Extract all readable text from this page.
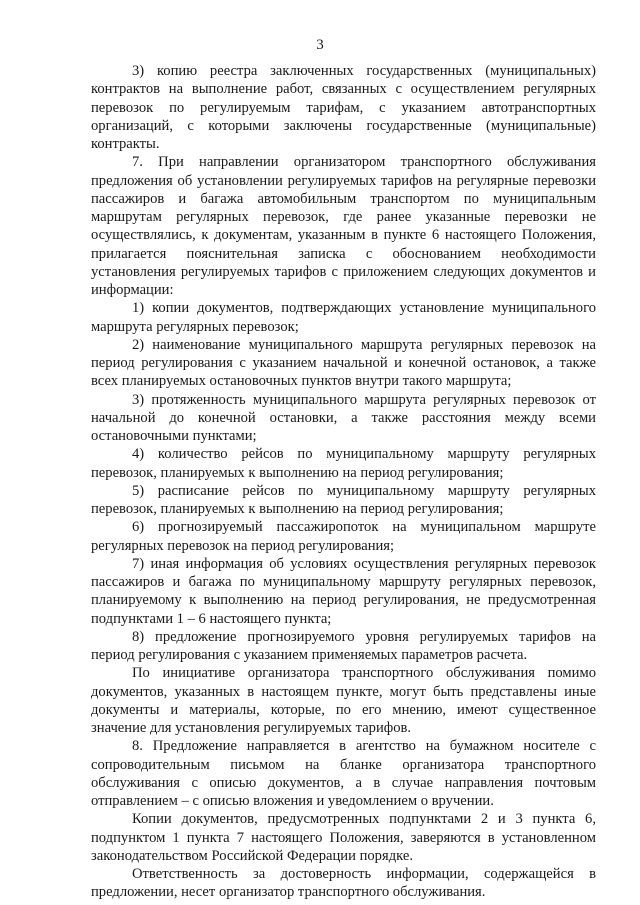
3

3) копию реестра заключенных государственных (муниципальных) контрактов на выполнение работ, связанных с осуществлением регулярных перевозок по регулируемым тарифам, с указанием автотранспортных организаций, с которыми заключены государственные (муниципальные) контракты.

7. При направлении организатором транспортного обслуживания предложения об установлении регулируемых тарифов на регулярные перевозки пассажиров и багажа автомобильным транспортом по муниципальным маршрутам регулярных перевозок, где ранее указанные перевозки не осуществлялись, к документам, указанным в пункте 6 настоящего Положения, прилагается пояснительная записка с обоснованием необходимости установления регулируемых тарифов с приложением следующих документов и информации:

1) копии документов, подтверждающих установление муниципального маршрута регулярных перевозок;

2) наименование муниципального маршрута регулярных перевозок на период регулирования с указанием начальной и конечной остановок, а также всех планируемых остановочных пунктов внутри такого маршрута;

3) протяженность муниципального маршрута регулярных перевозок от начальной до конечной остановки, а также расстояния между всеми остановочными пунктами;

4) количество рейсов по муниципальному маршруту регулярных перевозок, планируемых к выполнению на период регулирования;

5) расписание рейсов по муниципальному маршруту регулярных перевозок, планируемых к выполнению на период регулирования;

6) прогнозируемый пассажиропоток на муниципальном маршруте регулярных перевозок на период регулирования;

7) иная информация об условиях осуществления регулярных перевозок пассажиров и багажа по муниципальному маршруту регулярных перевозок, планируемому к выполнению на период регулирования, не предусмотренная подпунктами 1 – 6 настоящего пункта;

8) предложение прогнозируемого уровня регулируемых тарифов на период регулирования с указанием применяемых параметров расчета.

По инициативе организатора транспортного обслуживания помимо документов, указанных в настоящем пункте, могут быть представлены иные документы и материалы, которые, по его мнению, имеют существенное значение для установления регулируемых тарифов.

8. Предложение направляется в агентство на бумажном носителе с сопроводительным письмом на бланке организатора транспортного обслуживания с описью документов, а в случае направления почтовым отправлением – с описью вложения и уведомлением о вручении.

Копии документов, предусмотренных подпунктами 2 и 3 пункта 6, подпунктом 1 пункта 7 настоящего Положения, заверяются в установленном законодательством Российской Федерации порядке.

Ответственность за достоверность информации, содержащейся в предложении, несет организатор транспортного обслуживания.
